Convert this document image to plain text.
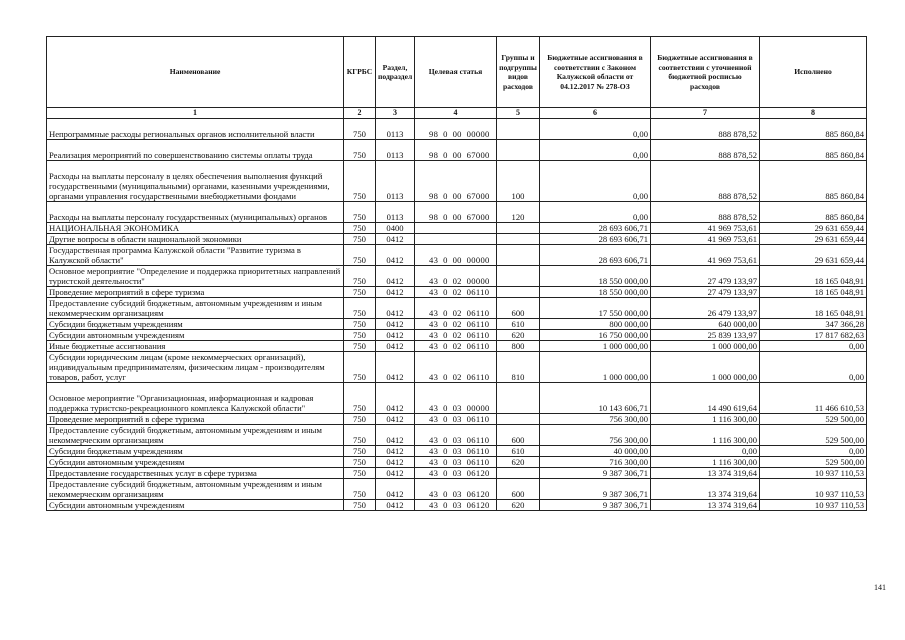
Наименование	КГРБС	Раздел, подраздел	Целевая статья	Группы и подгруппы видов расходов	Бюджетные ассигнования в соответствии с Законом Калужской области от 04.12.2017 № 278-ОЗ	Бюджетные ассигнования в соответствии с уточненной бюджетной росписью расходов	Исполнено
1	2	3	4	5	6	7	8
Непрограммные расходы региональных органов исполнительной власти	750	0113	98  0  00  00000		0,00	888 878,52	885 860,84
Реализация мероприятий по совершенствованию системы оплаты труда	750	0113	98  0  00  67000		0,00	888 878,52	885 860,84
Расходы на выплаты персоналу в целях обеспечения выполнения функций государственными (муниципальными) органами, казенными учреждениями, органами управления государственными внебюджетными фондами	750	0113	98  0  00  67000	100	0,00	888 878,52	885 860,84
Расходы на выплаты персоналу государственных (муниципальных) органов	750	0113	98  0  00  67000	120	0,00	888 878,52	885 860,84
НАЦИОНАЛЬНАЯ ЭКОНОМИКА	750	0400			28 693 606,71	41 969 753,61	29 631 659,44
Другие вопросы в области национальной экономики	750	0412			28 693 606,71	41 969 753,61	29 631 659,44
Государственная программа Калужской области "Развитие туризма в Калужской области"	750	0412	43  0  00  00000		28 693 606,71	41 969 753,61	29 631 659,44
Основное мероприятие "Определение и поддержка приоритетных направлений туристской деятельности"	750	0412	43  0  02  00000		18 550 000,00	27 479 133,97	18 165 048,91
Проведение мероприятий в сфере туризма	750	0412	43  0  02  06110		18 550 000,00	27 479 133,97	18 165 048,91
Предоставление субсидий бюджетным, автономным учреждениям и иным некоммерческим организациям	750	0412	43  0  02  06110	600	17 550 000,00	26 479 133,97	18 165 048,91
Субсидии бюджетным учреждениям	750	0412	43  0  02  06110	610	800 000,00	640 000,00	347 366,28
Субсидии автономным учреждениям	750	0412	43  0  02  06110	620	16 750 000,00	25 839 133,97	17 817 682,63
Иные бюджетные ассигнования	750	0412	43  0  02  06110	800	1 000 000,00	1 000 000,00	0,00
Субсидии юридическим лицам (кроме некоммерческих организаций), индивидуальным предпринимателям, физическим лицам - производителям товаров, работ, услуг	750	0412	43  0  02  06110	810	1 000 000,00	1 000 000,00	0,00
Основное мероприятие "Организационная, информационная и кадровая поддержка туристско-рекреационного комплекса Калужской области"	750	0412	43  0  03  00000		10 143 606,71	14 490 619,64	11 466 610,53
Проведение мероприятий в сфере туризма	750	0412	43  0  03  06110		756 300,00	1 116 300,00	529 500,00
Предоставление субсидий бюджетным, автономным учреждениям и иным некоммерческим организациям	750	0412	43  0  03  06110	600	756 300,00	1 116 300,00	529 500,00
Субсидии бюджетным учреждениям	750	0412	43  0  03  06110	610	40 000,00	0,00	0,00
Субсидии автономным учреждениям	750	0412	43  0  03  06110	620	716 300,00	1 116 300,00	529 500,00
Предоставление государственных услуг в сфере туризма	750	0412	43  0  03  06120		9 387 306,71	13 374 319,64	10 937 110,53
Предоставление субсидий бюджетным, автономным учреждениям и иным некоммерческим организациям	750	0412	43  0  03  06120	600	9 387 306,71	13 374 319,64	10 937 110,53
Субсидии автономным учреждениям	750	0412	43  0  03  06120	620	9 387 306,71	13 374 319,64	10 937 110,53
141
